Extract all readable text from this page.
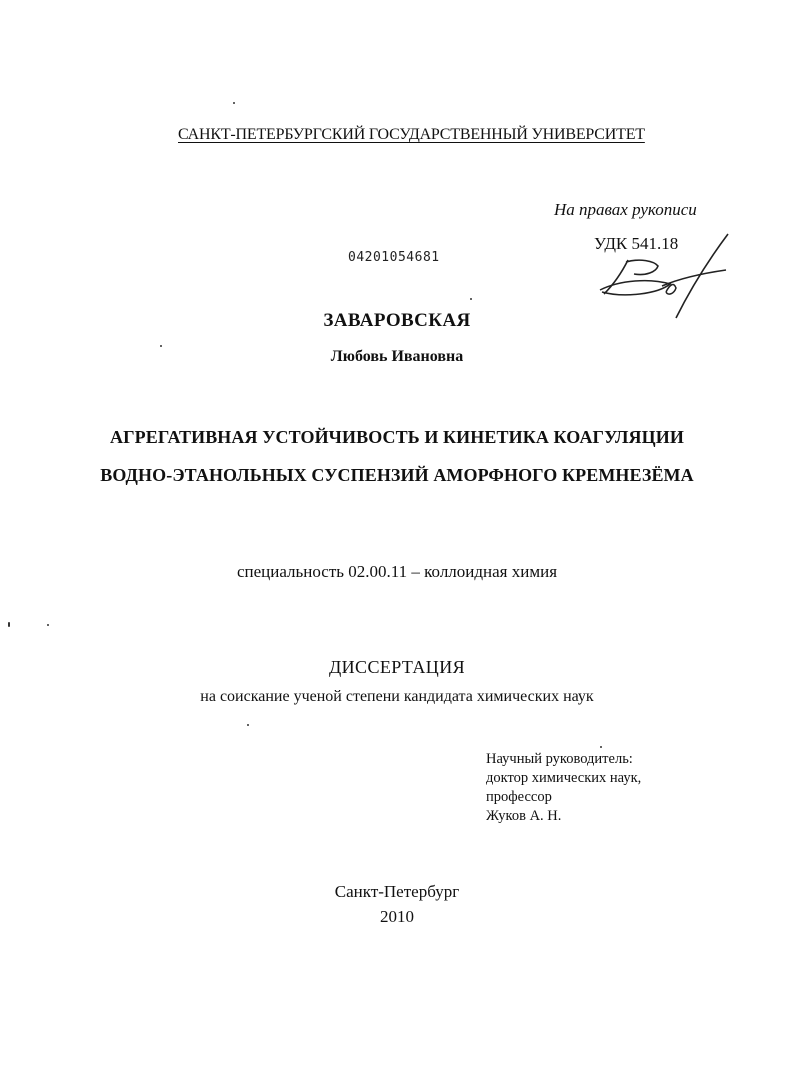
САНКТ-ПЕТЕРБУРГСКИЙ ГОСУДАРСТВЕННЫЙ УНИВЕРСИТЕТ
На правах рукописи
УДК 541.18
04201054681
ЗАВАРОВСКАЯ
Любовь Ивановна
АГРЕГАТИВНАЯ УСТОЙЧИВОСТЬ И КИНЕТИКА КОАГУЛЯЦИИ
ВОДНО-ЭТАНОЛЬНЫХ СУСПЕНЗИЙ АМОРФНОГО КРЕМНЕЗЁМА
специальность 02.00.11 – коллоидная химия
ДИССЕРТАЦИЯ
на соискание ученой степени кандидата химических наук
Научный руководитель:
доктор химических наук,
профессор
Жуков А. Н.
Санкт-Петербург
2010
